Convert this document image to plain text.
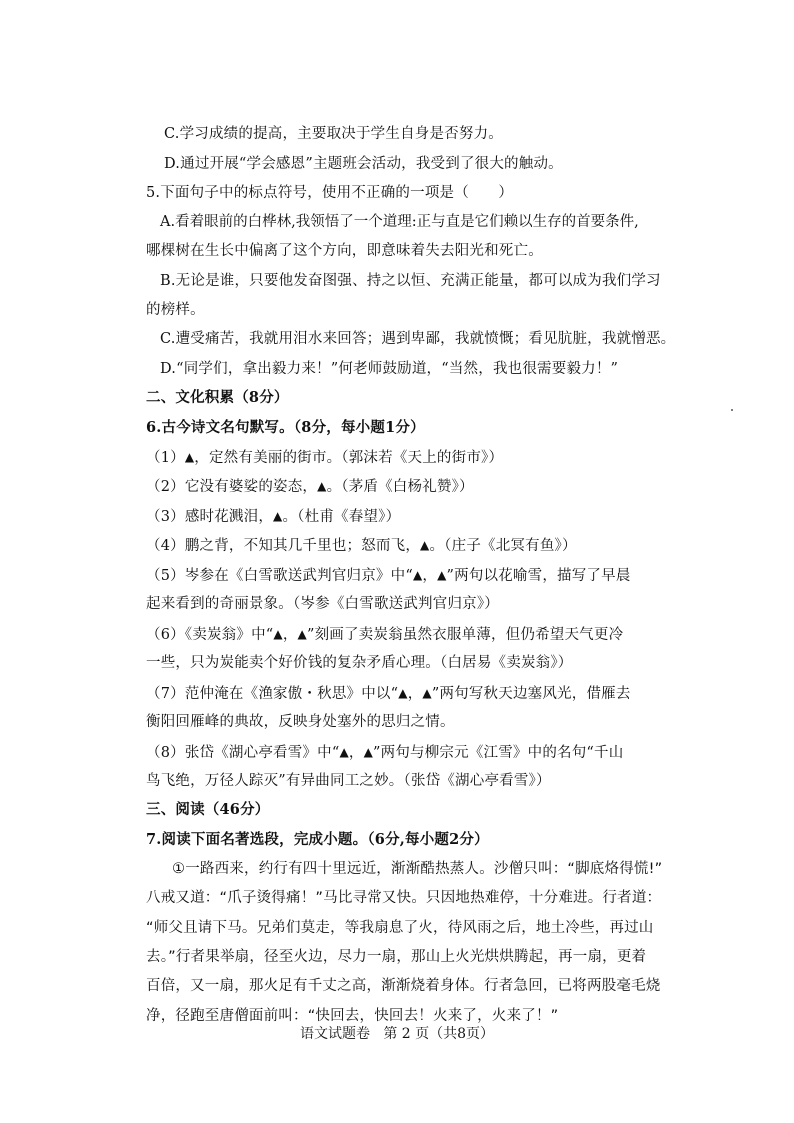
C.学习成绩的提高，主要取决于学生自身是否努力。

D.通过开展“学会感恩”主题班会活动，我受到了很大的触动。

5.下面句子中的标点符号，使用不正确的一项是（　　）

A.看着眼前的白桦林,我领悟了一个道理:正与直是它们赖以生存的首要条件,

哪棵树在生长中偏离了这个方向，即意味着失去阳光和死亡。

B.无论是谁，只要他发奋图强、持之以恒、充满正能量，都可以成为我们学习

的榜样。

C.遭受痛苦，我就用泪水来回答；遇到卑鄙，我就愤慨；看见肮脏，我就憎恶。

D.“同学们，拿出毅力来！”何老师鼓励道，“当然，我也很需要毅力！”

二、文化积累（8分）

6.古今诗文名句默写。（8分，每小题1分）

（1）▲，定然有美丽的街市。（郭沫若《天上的街市》）

（2）它没有婆娑的姿态，▲。（茅盾《白杨礼赞》）

（3）感时花溅泪，▲。（杜甫《春望》）

（4）鹏之背，不知其几千里也；怒而飞，▲。（庄子《北冥有鱼》）

（5）岑参在《白雪歌送武判官归京》中“▲，▲”两句以花喻雪，描写了早晨

起来看到的奇丽景象。（岑参《白雪歌送武判官归京》）

（6）《卖炭翁》中“▲，▲”刻画了卖炭翁虽然衣服单薄，但仍希望天气更冷

一些，只为炭能卖个好价钱的复杂矛盾心理。（白居易《卖炭翁》）

（7）范仲淹在《渔家傲・秋思》中以“▲，▲”两句写秋天边塞风光，借雁去

衡阳回雁峰的典故，反映身处塞外的思归之情。

（8）张岱《湖心亭看雪》中“▲，▲”两句与柳宗元《江雪》中的名句“千山

鸟飞绝，万径人踪灭”有异曲同工之妙。（张岱《湖心亭看雪》）

三、阅读（46分）

7.阅读下面名著选段，完成小题。（6分,每小题2分）

①一路西来，约行有四十里远近，渐渐酷热蒸人。沙僧只叫：“脚底烙得慌!”

八戒又道：“爪子烫得痛！”马比寻常又快。只因地热难停，十分难进。行者道：

“师父且请下马。兄弟们莫走，等我扇息了火，待风雨之后，地土冷些，再过山

去。”行者果举扇，径至火边，尽力一扇，那山上火光烘烘腾起，再一扇，更着

百倍，又一扇，那火足有千丈之高，渐渐烧着身体。行者急回，已将两股毫毛烧

净，径跑至唐僧面前叫：“快回去，快回去！火来了，火来了！”

语文试题卷 第 2 页（共8页）
